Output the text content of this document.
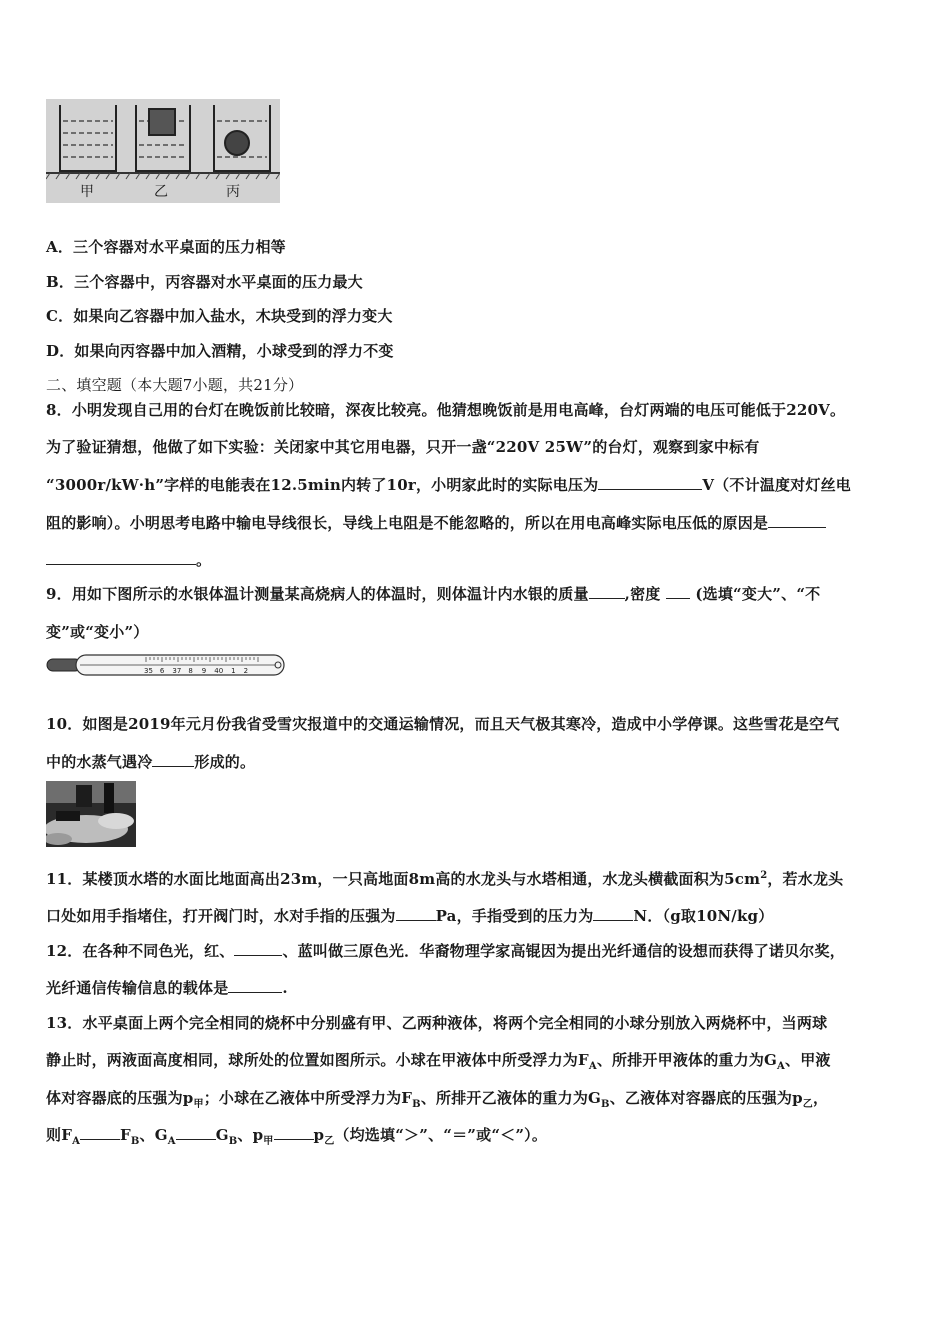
甲	乙	丙
A．三个容器对水平桌面的压力相等
B．三个容器中，丙容器对水平桌面的压力最大
C．如果向乙容器中加入盐水，木块受到的浮力变大
D．如果向丙容器中加入酒精，小球受到的浮力不变
二、填空题（本大题7小题，共21分）
8．小明发现自己用的台灯在晚饭前比较暗，深夜比较亮。他猜想晚饭前是用电高峰，台灯两端的电压可能低于220V。
为了验证猜想，他做了如下实验：关闭家中其它用电器，只开一盏“220V 25W”的台灯，观察到家中标有
“3000r/kW·h”字样的电能表在12.5min内转了10r，小明家此时的实际电压为	V（不计温度对灯丝电
阻的影响）。小明思考电路中输电导线很长，导线上电阻是不能忽略的，所以在用电高峰实际电压低的原因是
。
9．用如下图所示的水银体温计测量某高烧病人的体温时，则体温计内水银的质量 ,密度 (选填“变大”、“不
变”或“变小”）
35 6 37 8 9 40 1 2
10．如图是2019年元月份我省受雪灾报道中的交通运输情况，而且天气极其寒冷，造成中小学停课。这些雪花是空气
中的水蒸气遇冷	形成的。
11．某楼顶水塔的水面比地面高出23m，一只高地面8m高的水龙头与水塔相通，水龙头横截面积为$5cm^2$，若水龙头
口处如用手指堵住，打开阀门时，水对手指的压强为	Pa，手指受到的压力为	N．（g取10N/kg）
12．在各种不同色光，红、	、蓝叫做三原色光．华裔物理学家高锟因为提出光纤通信的设想而获得了诺贝尔奖，
光纤通信传输信息的载体是	.
13．水平桌面上两个完全相同的烧杯中分别盛有甲、乙两种液体，将两个完全相同的小球分别放入两烧杯中，当两球
静止时，两液面高度相同，球所处的位置如图所示。小球在甲液体中所受浮力为$F_A$、所排开甲液体的重力为$G_A$、甲液
体对容器底的压强为$p_甲$；小球在乙液体中所受浮力为$F_B$、所排开乙液体的重力为$G_B$、乙液体对容器底的压强为$p_乙$，
则$F_A$	$F_B$、$G_A$	$G_B$、$p_甲$	$p_乙$（均选填“＞”、“＝”或“＜”）。
